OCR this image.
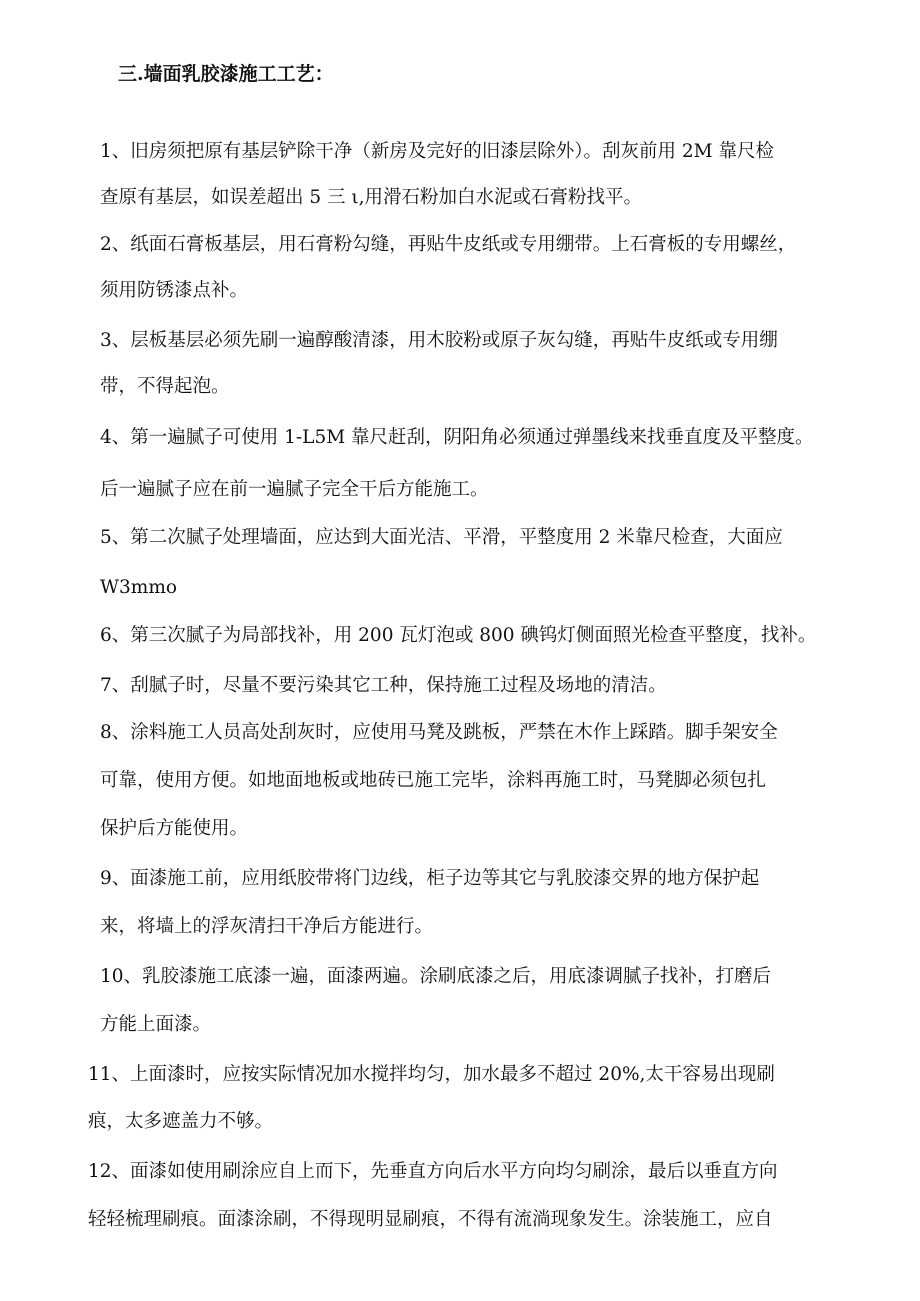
三.墙面乳胶漆施工工艺：
1、旧房须把原有基层铲除干净（新房及完好的旧漆层除外）。刮灰前用 2M 靠尺检
查原有基层，如误差超出 5 三 ι,用滑石粉加白水泥或石膏粉找平。
2、纸面石膏板基层，用石膏粉勾缝，再贴牛皮纸或专用绷带。上石膏板的专用螺丝，
须用防锈漆点补。
3、层板基层必须先刷一遍醇酸清漆，用木胶粉或原子灰勾缝，再贴牛皮纸或专用绷
带，不得起泡。
4、第一遍腻子可使用 1-L5M 靠尺赶刮，阴阳角必须通过弹墨线来找垂直度及平整度。
后一遍腻子应在前一遍腻子完全干后方能施工。
5、第二次腻子处理墙面，应达到大面光洁、平滑，平整度用 2 米靠尺检查，大面应
W3mmo
6、第三次腻子为局部找补，用 200 瓦灯泡或 800 碘钨灯侧面照光检查平整度，找补。
7、刮腻子时，尽量不要污染其它工种，保持施工过程及场地的清洁。
8、涂料施工人员高处刮灰时，应使用马凳及跳板，严禁在木作上踩踏。脚手架安全
可靠，使用方便。如地面地板或地砖已施工完毕，涂料再施工时，马凳脚必须包扎
保护后方能使用。
9、面漆施工前，应用纸胶带将门边线，柜子边等其它与乳胶漆交界的地方保护起
来，将墙上的浮灰清扫干净后方能进行。
10、乳胶漆施工底漆一遍，面漆两遍。涂刷底漆之后，用底漆调腻子找补，打磨后
方能上面漆。
11、上面漆时，应按实际情况加水搅拌均匀，加水最多不超过 20%,太干容易出现刷
痕，太多遮盖力不够。
12、面漆如使用刷涂应自上而下，先垂直方向后水平方向均匀刷涂，最后以垂直方向
轻轻梳理刷痕。面漆涂刷，不得现明显刷痕，不得有流淌现象发生。涂装施工，应自
